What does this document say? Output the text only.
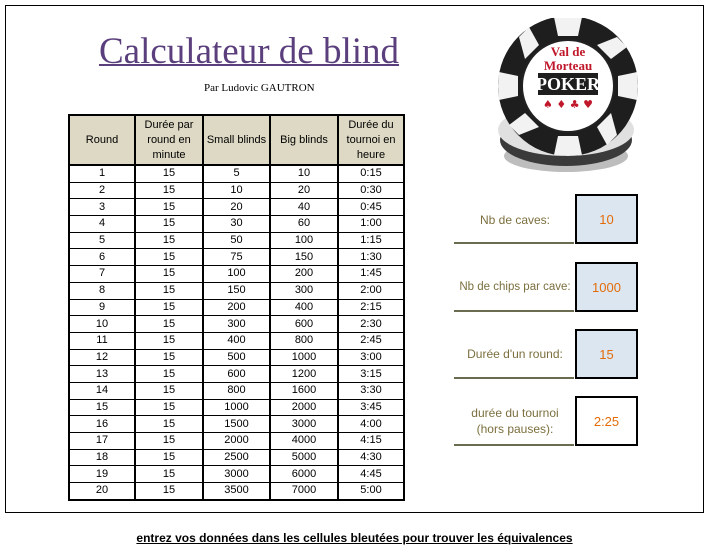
Calculateur de blind
Par Ludovic GAUTRON
Round	Durée par round en minute	Small blinds	Big blinds	Durée du tournoi en heure
1	15	5	10	0:15
2	15	10	20	0:30
3	15	20	40	0:45
4	15	30	60	1:00
5	15	50	100	1:15
6	15	75	150	1:30
7	15	100	200	1:45
8	15	150	300	2:00
9	15	200	400	2:15
10	15	300	600	2:30
11	15	400	800	2:45
12	15	500	1000	3:00
13	15	600	1200	3:15
14	15	800	1600	3:30
15	15	1000	2000	3:45
16	15	1500	3000	4:00
17	15	2000	4000	4:15
18	15	2500	5000	4:30
19	15	3000	6000	4:45
20	15	3500	7000	5:00
Val de
Morteau
POKER
♠ ♦ ♣ ♥
Nb de caves:	10
Nb de chips par cave:	1000
Durée d'un round:	15
durée du tournoi
(hors pauses):
2:25
entrez vos données dans les cellules bleutées pour trouver les équivalences
